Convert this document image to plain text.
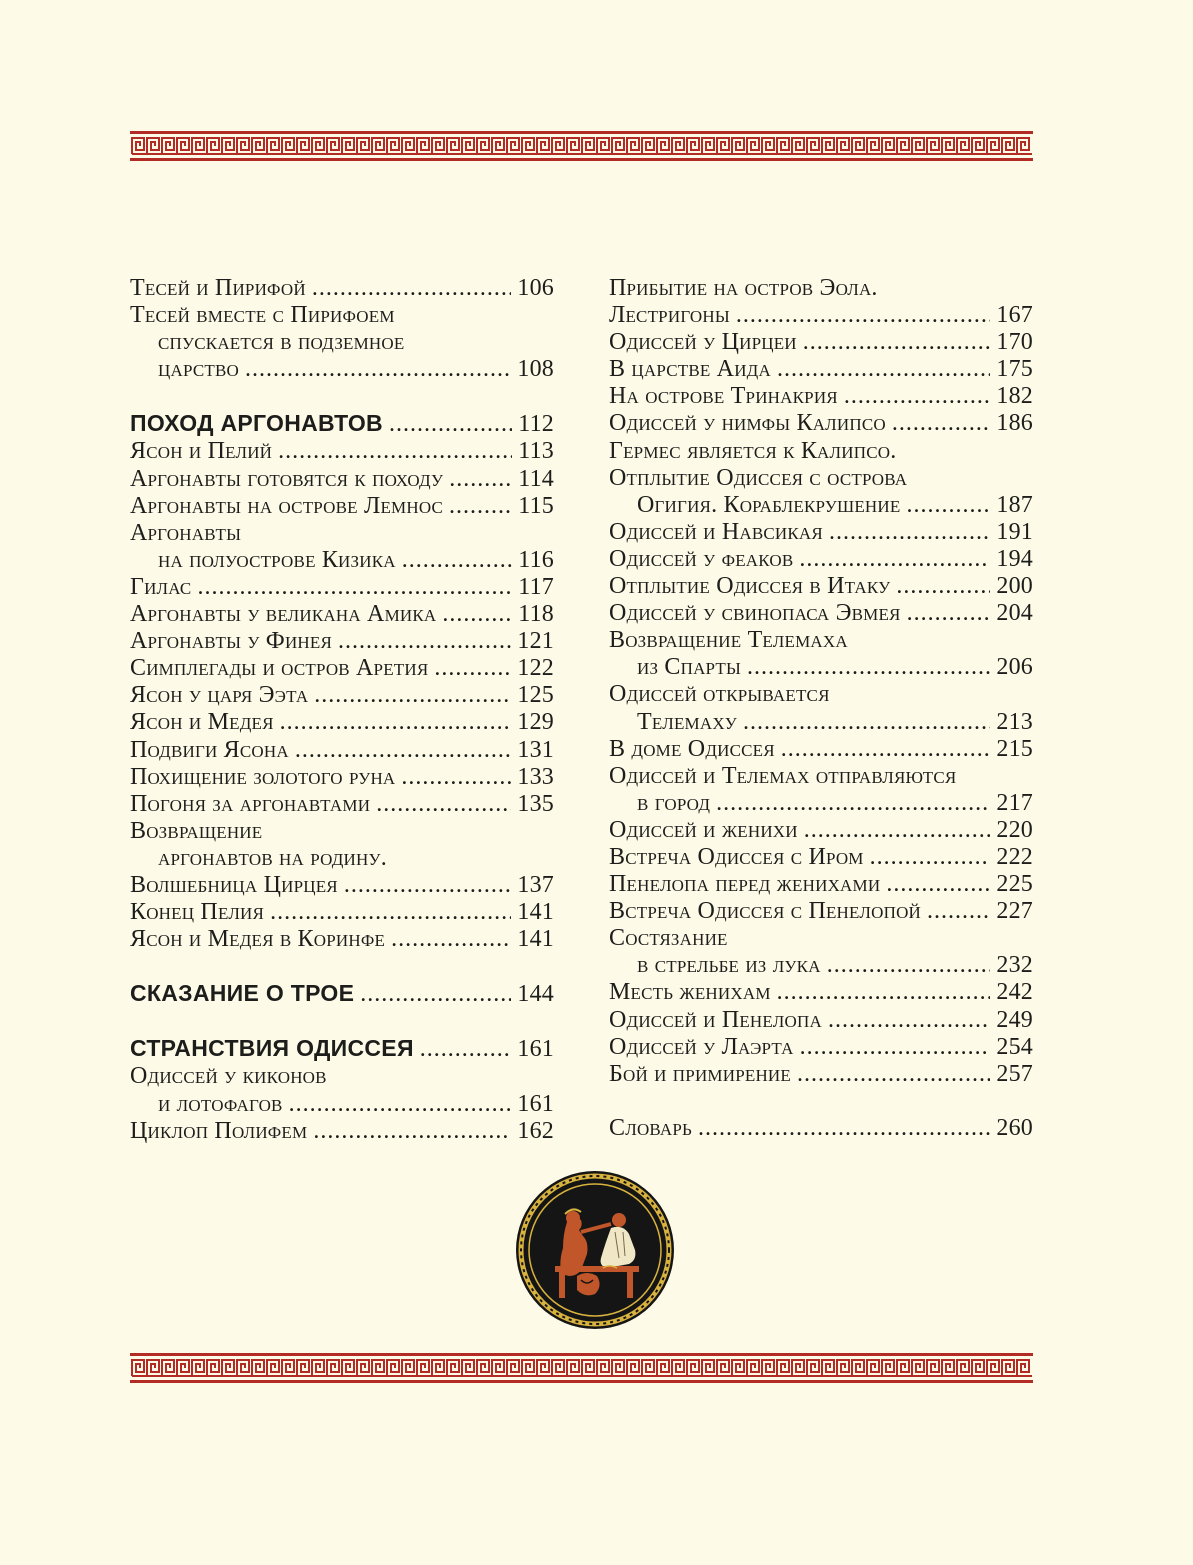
Тесей и Пирифой .....	106
Тесей вместе с Пирифоем
спускается в подземное
царство .....	108
ПОХОД АРГОНАВТОВ .....	112
Ясон и Пелий .....	113
Аргонавты готовятся к походу .....	114
Аргонавты на острове Лемнос .....	115
Аргонавты
на полуострове Кизика .....	116
Гилас .....	117
Аргонавты у великана Амика .....	118
Аргонавты у Финея .....	121
Симплегады и остров Аретия .....	122
Ясон у царя Ээта .....	125
Ясон и Медея .....	129
Подвиги Ясона .....	131
Похищение золотого руна .....	133
Погоня за аргонавтами .....	135
Возвращение
аргонавтов на родину.
Волшебница Цирцея .....	137
Конец Пелия .....	141
Ясон и Медея в Коринфе .....	141
СКАЗАНИЕ О ТРОЕ .....	144
СТРАНСТВИЯ ОДИССЕЯ .....	161
Одиссей у киконов
и лотофагов .....	161
Циклоп Полифем .....	162
Прибытие на остров Эола.
Лестригоны .....	167
Одиссей у Цирцеи .....	170
В царстве Аида .....	175
На острове Тринакрия .....	182
Одиссей у нимфы Калипсо .....	186
Гермес является к Калипсо.
Отплытие Одиссея с острова
Огигия. Кораблекрушение .....	187
Одиссей и Навсикая .....	191
Одиссей у феаков .....	194
Отплытие Одиссея в Итаку .....	200
Одиссей у свинопаса Эвмея .....	204
Возвращение Телемаха
из Спарты .....	206
Одиссей открывается
Телемаху .....	213
В доме Одиссея .....	215
Одиссей и Телемах отправляются
в город .....	217
Одиссей и женихи .....	220
Встреча Одиссея с Иром .....	222
Пенелопа перед женихами .....	225
Встреча Одиссея с Пенелопой .....	227
Состязание
в стрельбе из лука .....	232
Месть женихам .....	242
Одиссей и Пенелопа .....	249
Одиссей у Лаэрта .....	254
Бой и примирение .....	257
Словарь .....	260
